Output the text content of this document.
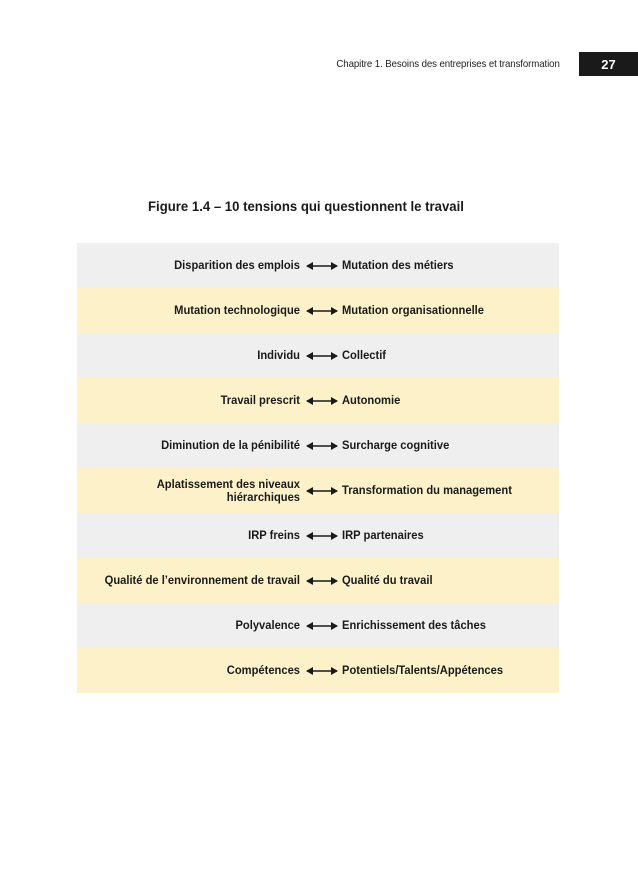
Chapitre 1. Besoins des entreprises et transformation	27
Figure 1.4 – 10 tensions qui questionnent le travail
Disparition des emplois	Mutation des métiers
Mutation technologique	Mutation organisationnelle
Individu	Collectif
Travail prescrit	Autonomie
Diminution de la pénibilité	Surcharge cognitive
Aplatissement des niveaux hiérarchiques	Transformation du management
IRP freins	IRP partenaires
Qualité de l’environnement de travail	Qualité du travail
Polyvalence	Enrichissement des tâches
Compétences	Potentiels/Talents/Appétences
